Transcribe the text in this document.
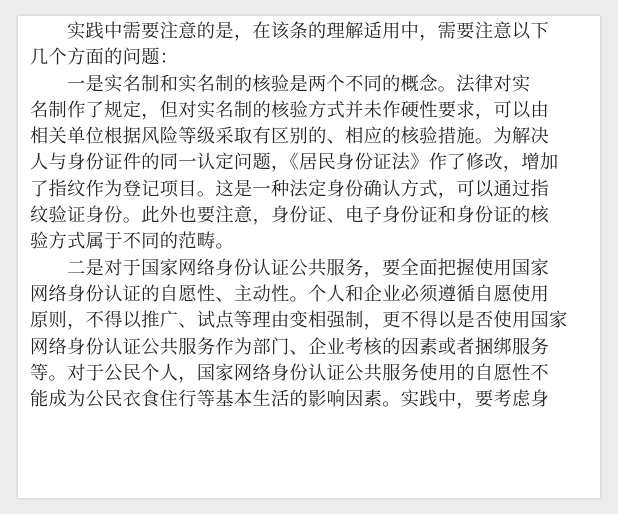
实践中需要注意的是，在该条的理解适用中，需要注意以下
几个方面的问题：
一是实名制和实名制的核验是两个不同的概念。法律对实
名制作了规定，但对实名制的核验方式并未作硬性要求，可以由
相关单位根据风险等级采取有区别的、相应的核验措施。为解决
人与身份证件的同一认定问题，《居民身份证法》作了修改，增加
了指纹作为登记项目。这是一种法定身份确认方式，可以通过指
纹验证身份。此外也要注意，身份证、电子身份证和身份证的核
验方式属于不同的范畴。
二是对于国家网络身份认证公共服务，要全面把握使用国家
网络身份认证的自愿性、主动性。个人和企业必须遵循自愿使用
原则，不得以推广、试点等理由变相强制，更不得以是否使用国家
网络身份认证公共服务作为部门、企业考核的因素或者捆绑服务
等。对于公民个人，国家网络身份认证公共服务使用的自愿性不
能成为公民衣食住行等基本生活的影响因素。实践中，要考虑身
